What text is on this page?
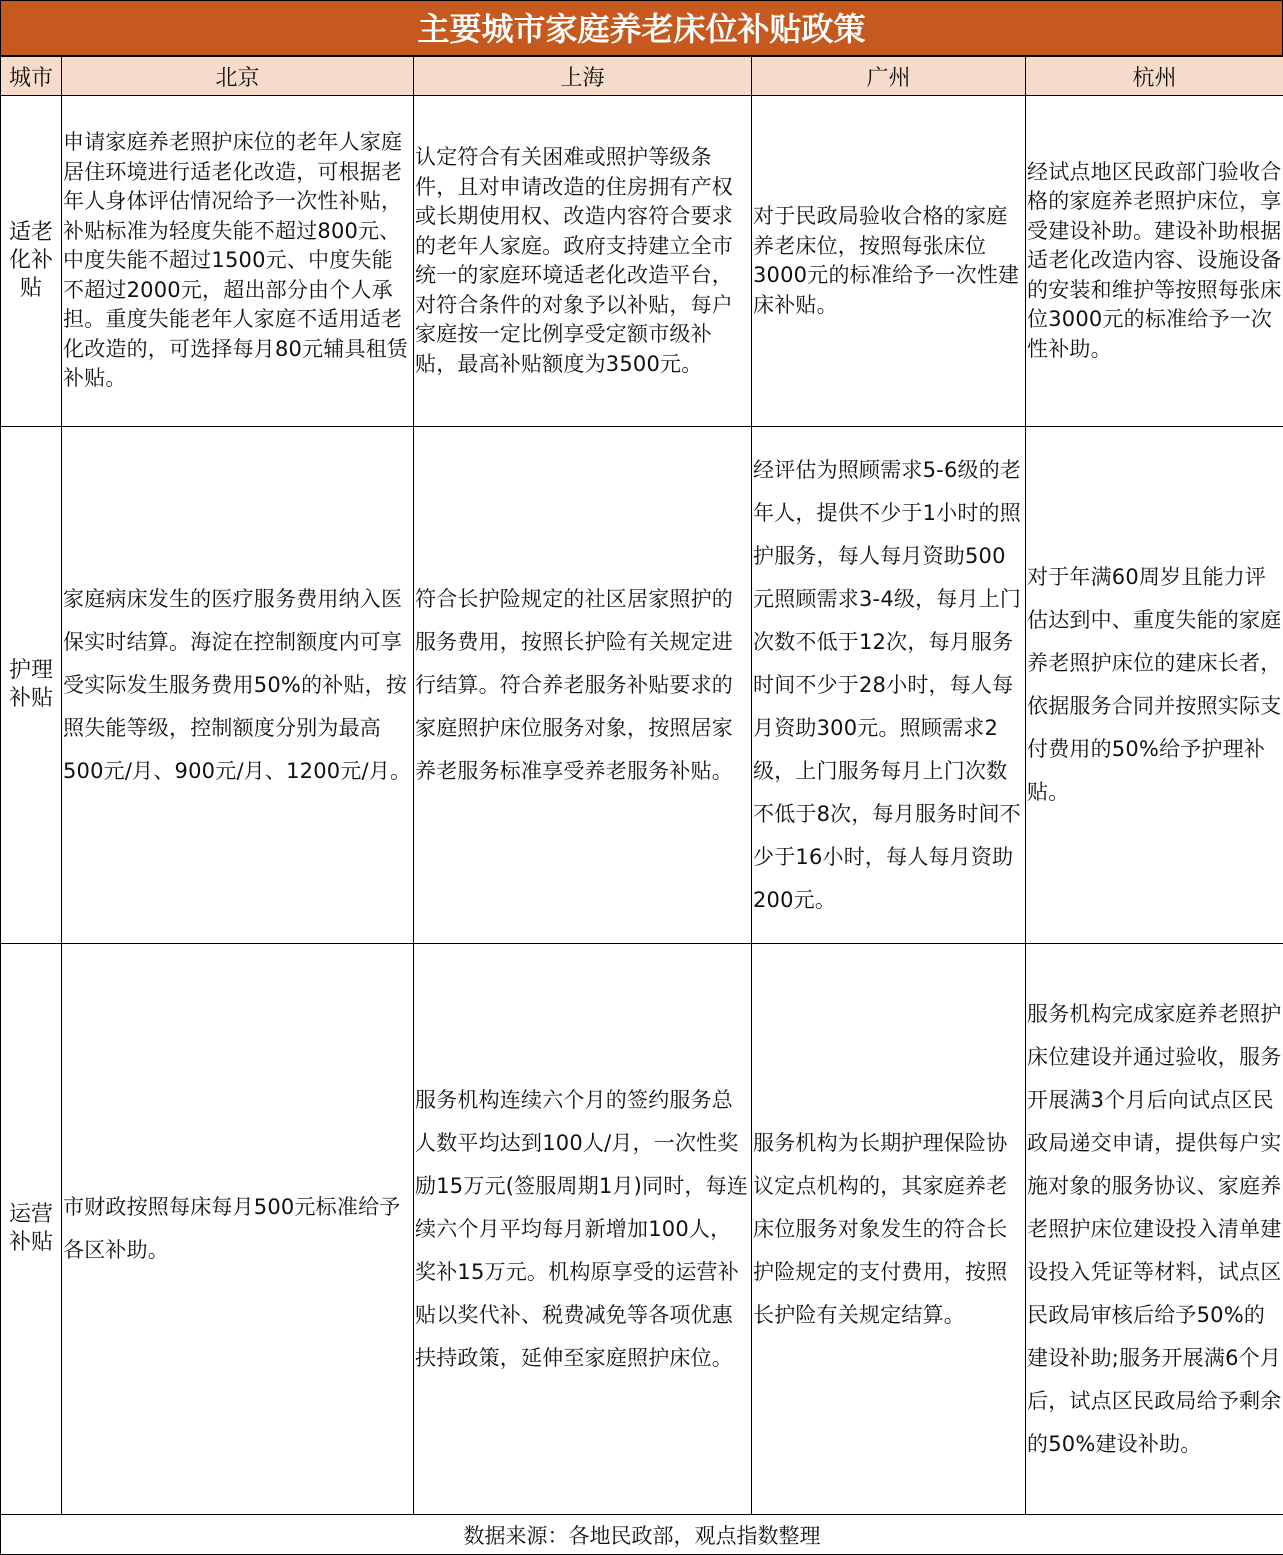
主要城市家庭养老床位补贴政策
城市	北京	上海	广州	杭州
适老化补贴	申请家庭养老照护床位的老年人家庭居住环境进行适老化改造，可根据老年人身体评估情况给予一次性补贴，补贴标准为轻度失能不超过800元、中度失能不超过1500元、中度失能不超过2000元，超出部分由个人承担。重度失能老年人家庭不适用适老化改造的，可选择每月80元辅具租赁补贴。	认定符合有关困难或照护等级条件，且对申请改造的住房拥有产权或长期使用权、改造内容符合要求的老年人家庭。政府支持建立全市统一的家庭环境适老化改造平台，对符合条件的对象予以补贴，每户家庭按一定比例享受定额市级补贴，最高补贴额度为3500元。	对于民政局验收合格的家庭养老床位，按照每张床位3000元的标准给予一次性建床补贴。	经试点地区民政部门验收合格的家庭养老照护床位，享受建设补助。建设补助根据适老化改造内容、设施设备的安装和维护等按照每张床位3000元的标准给予一次性补助。
护理补贴	家庭病床发生的医疗服务费用纳入医保实时结算。海淀在控制额度内可享受实际发生服务费用50%的补贴，按照失能等级，控制额度分别为最高500元/月、900元/月、1200元/月。	符合长护险规定的社区居家照护的服务费用，按照长护险有关规定进行结算。符合养老服务补贴要求的家庭照护床位服务对象，按照居家养老服务标准享受养老服务补贴。	经评估为照顾需求5-6级的老年人，提供不少于1小时的照护服务，每人每月资助500元照顾需求3-4级，每月上门次数不低于12次，每月服务时间不少于28小时，每人每月资助300元。照顾需求2级，上门服务每月上门次数不低于8次，每月服务时间不少于16小时，每人每月资助200元。	对于年满60周岁且能力评估达到中、重度失能的家庭养老照护床位的建床长者，依据服务合同并按照实际支付费用的50%给予护理补贴。
运营补贴	市财政按照每床每月500元标准给予各区补助。	服务机构连续六个月的签约服务总人数平均达到100人/月，一次性奖励15万元(签服周期1月)同时，每连续六个月平均每月新增加100人，奖补15万元。机构原享受的运营补贴以奖代补、税费减免等各项优惠扶持政策，延伸至家庭照护床位。	服务机构为长期护理保险协议定点机构的，其家庭养老床位服务对象发生的符合长护险规定的支付费用，按照长护险有关规定结算。	服务机构完成家庭养老照护床位建设并通过验收，服务开展满3个月后向试点区民政局递交申请，提供每户实施对象的服务协议、家庭养老照护床位建设投入清单建设投入凭证等材料，试点区民政局审核后给予50%的建设补助;服务开展满6个月后，试点区民政局给予剩余的50%建设补助。
数据来源：各地民政部，观点指数整理				
